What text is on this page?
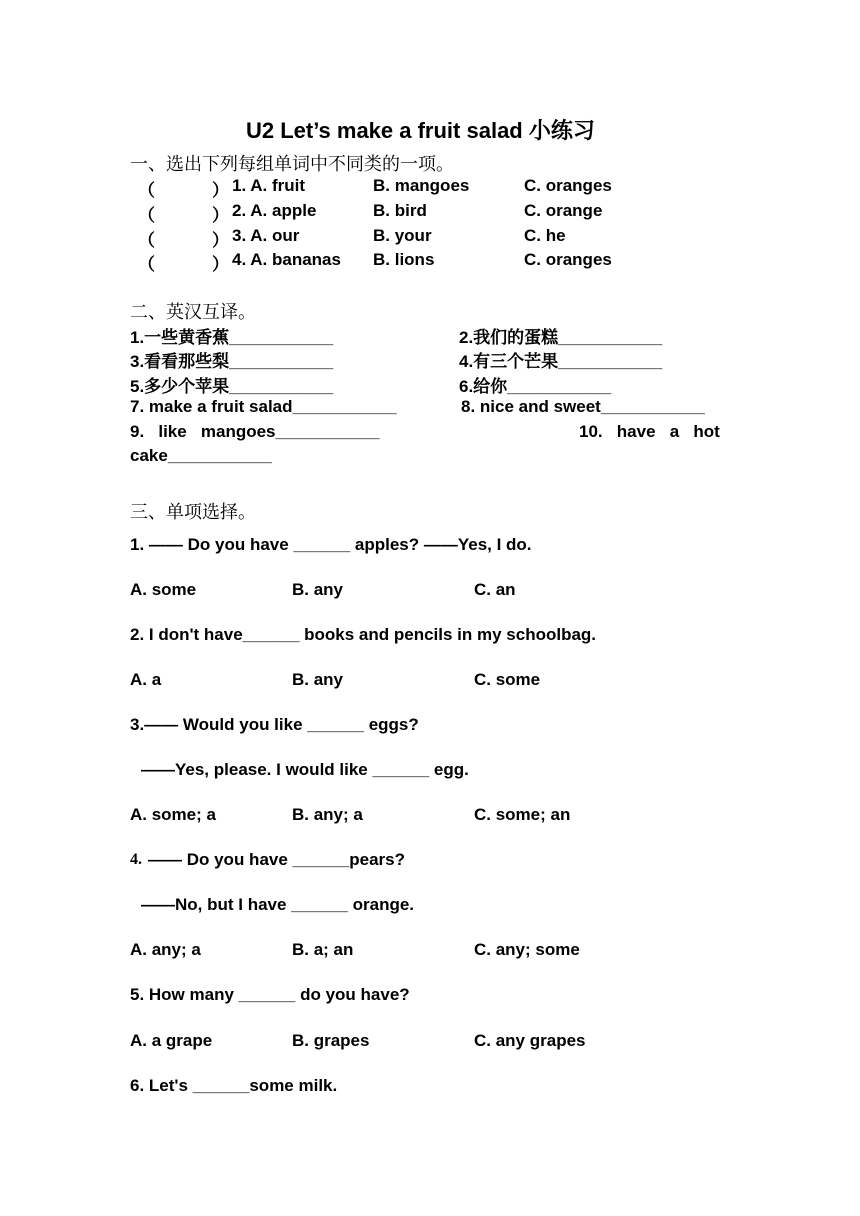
U2 Let’s make a fruit salad 小练习
一、选出下列每组单词中不同类的一项。
（	） 1. A. fruit	B. mangoes	C. oranges
（	） 2. A. apple	B. bird	C. orange
（	） 3. A. our	B. your	C. he
（	） 4. A. bananas B. lions	C. oranges
二、英汉互译。
1.一些黄香蕉___________	2.我们的蛋糕___________
3.看看那些梨___________	4.有三个芒果___________
5.多少个苹果___________	6.给你___________
7. make a fruit salad___________	8. nice and sweet___________
9.   like   mangoes___________	10.   have   a   hot
cake___________
三、单项选择。
1. —— Do you have ______ apples? ——Yes, I do.
A. some	B. any	C. an
2. I don't have______ books and pencils in my schoolbag.
A. a	B. any	C. some
3.—— Would you like ______ eggs?
——Yes, please. I would like ______ egg.
A. some; a	B. any; a	C. some; an
4. —— Do you have ______pears?
——No, but I have ______ orange.
A. any; a	B. a; an	C. any; some
5. How many ______ do you have?
A. a grape	B. grapes	C. any grapes
6. Let's ______some milk.
